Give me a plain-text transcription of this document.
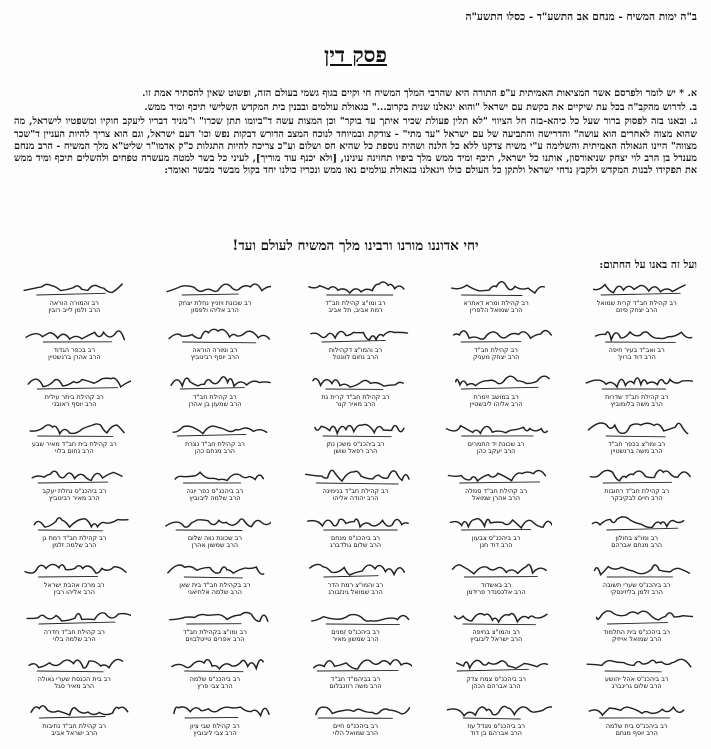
ב"ה ימות המשיח - מנחם אב התשע"ד - כסלו התשע"ה
פסק דין

א. * יש לומר ולפרסם אשר המציאות האמיתית ע"פ התורה היא שהרבי המלך המשיח חי וקיים בגוף גשמי בעולם הזה, ופשוט שאין להסתיר אמת זו.

ב. לדרוש מהקב"ה בכל עת שיקיים את בקשת עם ישראל "והוא יגאלנו שנית בקרוב..." בגאולת עולמים ובבנין בית המקדש השלישי תיכף ומיד ממש.

ג. ובאנו בזה לפסוק ברור שעל כל כיהא-בזה חל הציווי "לא תלין פעולת שכיר איתך עד בוקר" וכן המצות עשה ד"ביומו תתן שכרו" ו"מניד דבריו ליעקב חוקיו ומשפטיו לישראל, מה שהוא מצוה לאחרים הוא עושה" והדרישה והתביעה של עם ישראל "עד מתי" - צודקת ובמיוחד לנוכח המצב הדורש דבקות נפש וכו' דעם ישראל, וגם הוא צריך להיות העניין ד"שכר מצווה" היינו הגאולה האמיתית והשלימה ע"י משיח צדקנו ללא כל הלנה ושהיה נוספת כל שהיא חס ושלום וע"כ צריכה להיות התגלות כ"ק אדמו"ר שליט"א מלך המשיח - הרב מנחם מענדל בן הרב לוי יצחק שניאורסון, אותנו כל ישראל, תיכף ומיד ממש מלך ביפיו תחזינה עינינו, [ולא יכנף עוד מוריך], לעיני כל בשר למטה מעשרה טפחים ולהשלים תיכף ומיד ממש את תפקידו לבנות המקדש ולקבץ נדחי ישראל ולתקן כל העולם כולו ויגאלנו בגאולת עולמים נאו ממש ונכריז כולנו יחד בקול מבשר מבשר ואומר:

יחי אדוננו מורנו ורבינו מלך המשיח לעולם ועד!
ועל זה באנו על החתום:
רב קהילת חב"ד קרית שמואל
הרב יצחק פיזם
רב קהילת ומרא דאתרא
הרב שמואל הלפרין
רב ומו"צ קהילת חב"ד
רמת אביב, תל אביב
רב שכונת ויזניץ נחלת יצחק
הרב אליהו ולפסון
רב והמורה הוראה
הרב זלמן לייב רובין
רב ואב"ד בעיר חיפה
הרב דוד ברויך
רב קהילת חב"ד
הרב יצחק מעניק
רב והמו"צ דקהילות
הרב נחום לוונטל
רב ומורה הוראה
הרב יוסף רבינוביץ
רב בכפר הגדוד
הרב אהרן ברנשטיין
רב קהילת חב"ד שדרות
הרב משה בלומוביץ
רב במושב זימרת
הרב אליהו ליבשטיין
רב קהילת חב"ד קרית גת
הרב מאיר קנר
רב קהילת חב"ד
הרב שמעון בן אהרן
רב קהילת ביתר עילית
הרב יוסף ראובני
רב ומו"צ בכפר חב"ד
הרב משה ברנשטיין
רב שכונת יד התמרים
הרב יעקב כהן
רב ביהכנ"ס משכן נתן
הרב רפאל שושן
רב קהילת חב"ד נצרת
הרב מנחם כהן
רב קהילת בית חב"ד מאיר שבע
הרב נחום בלוי
רב קהילת חב"ד רחובות
הרב חיים לבקיבקר
רב קהילת חב"ד סמלה
הרב אהרן שמואל
רב קהילת חב"ד בנימינה
הרב יהודה אליהו
רב ביהכנ"ס כפר יונה
הרב שלמה ליבוביץ
רב ביהכנ"ס נחלת יעקב
הרב מאיר רבינוביץ
רב ומו"צ בחולון
הרב מנחם אברהם
רב ביהכנ"ס צבעון
הרב דוד חנן
רב ביהכנ"ס מנחם
הרב שלום גולדברג
רב שכונת נווה שלום
הרב שמשון אהרן
רב קהילת חב"ד רמת גן
הרב שלמה זלמן
רב ביהכנ"ס שערי תשובה
הרב זלמן בליזינסקי
רב באשדוד
הרב אלכסנדר פרידמן
רב והמו"צ רמת הדר
הרב שמואל גינזבורג
רב בקהילת חב"ד בית שאן
הרב שלמה אלחיאני
רב מרכז אהבת ישראל
הרב אליהו רבין
רב ביהכנ"ס בית התלמוד
הרב שמואל אייזיק
רב והמו"צ בחיפה
הרב ישראל ליבוביץ
רב ביהכנ"ס זמנים
הרב שמשון מאיר
רב ומו"צ בקהילת חב"ד
הרב אפרים טייטלבוים
רב קהילת חב"ד חדרה
הרב שלמה בלוי
רב ביהכנ"ס אהל יהושע
הרב שלום גרינברג
רב ביהכנ"ס צמח צדק
הרב אברהם הכהן
רב בביהמ"ד חב"ד
הרב משה רוזנבלום
רב ביהכנ"ס שלמה
הרב צבי פרץ
רב בית הכנסת שערי גאולה
הרב מאיר סגל
רב ביהכנ"ס בית שלמה
הרב יוסף מנחם
רב ביהכנ"ס מגדל עוז
הרב אברהם בן דוד
רב ביהכנ"ס חיים
הרב שמואל הלוי
רב קהילת שבי ציון
הרב צבי ליבוביץ
רב קהילת חב"ד נתיבות
הרב ישראל אביב
